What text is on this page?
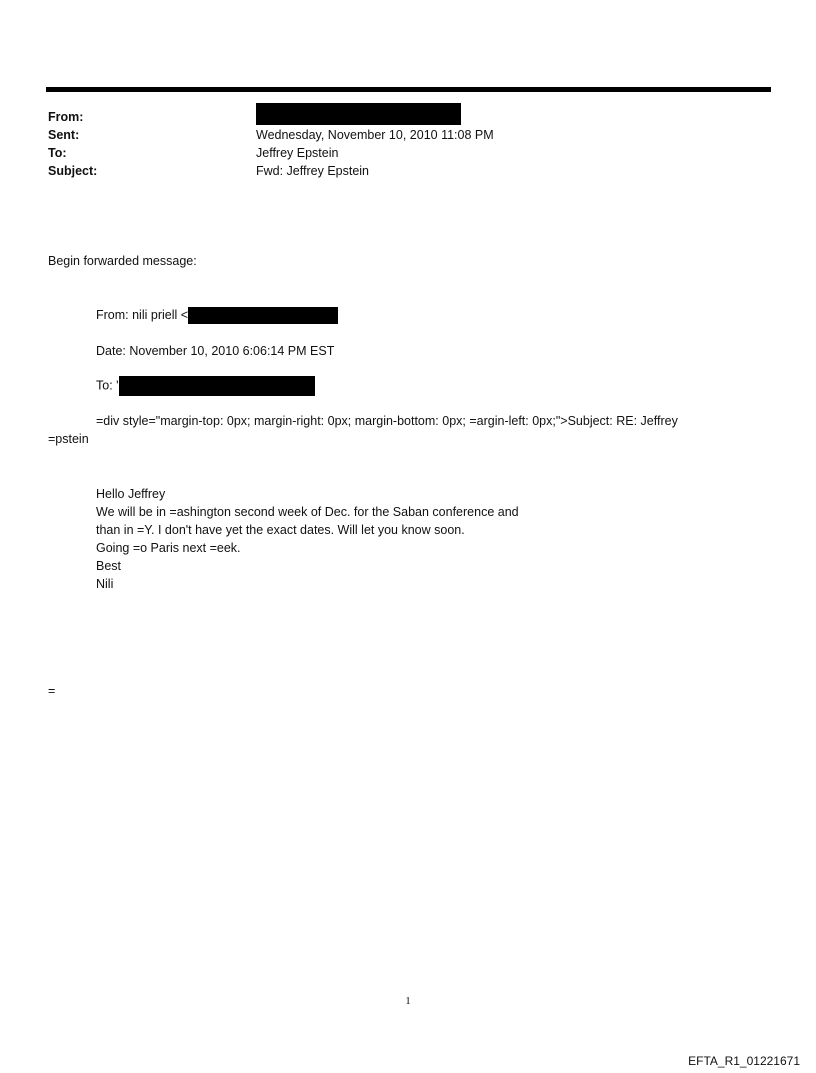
From:
Sent:	Wednesday, November 10, 2010 11:08 PM
To:	Jeffrey Epstein
Subject:	Fwd: Jeffrey Epstein
Begin forwarded message:
From: nili priell <
Date: November 10, 2010 6:06:14 PM EST
To: '
=div style="margin-top: 0px; margin-right: 0px; margin-bottom: 0px; =argin-left: 0px;">Subject: RE: Jeffrey
=pstein
Hello Jeffrey
We will be in =ashington second week of Dec. for the Saban conference and
than in =Y. I don't have yet the exact dates. Will let you know soon.
Going =o Paris next =eek.
Best
Nili
=
1
EFTA_R1_01221671
